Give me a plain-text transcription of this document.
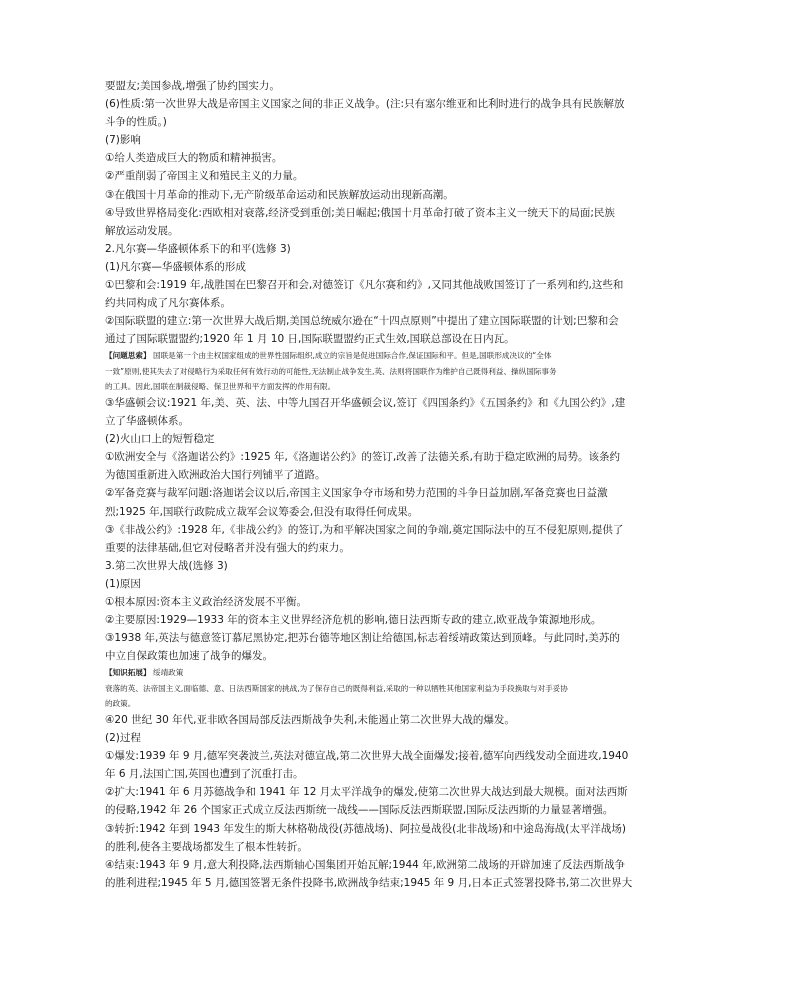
要盟友;美国参战,增强了协约国实力。
(6)性质:第一次世界大战是帝国主义国家之间的非正义战争。(注:只有塞尔维亚和比利时进行的战争具有民族解放
斗争的性质。)
(7)影响
①给人类造成巨大的物质和精神损害。
②严重削弱了帝国主义和殖民主义的力量。
③在俄国十月革命的推动下,无产阶级革命运动和民族解放运动出现新高潮。
④导致世界格局变化:西欧相对衰落,经济受到重创;美日崛起;俄国十月革命打破了资本主义一统天下的局面;民族
解放运动发展。
2.凡尔赛—华盛顿体系下的和平(选修 3)
(1)凡尔赛—华盛顿体系的形成
①巴黎和会:1919 年,战胜国在巴黎召开和会,对德签订《凡尔赛和约》,又同其他战败国签订了一系列和约,这些和
约共同构成了凡尔赛体系。
②国际联盟的建立:第一次世界大战后期,美国总统威尔逊在“十四点原则”中提出了建立国际联盟的计划;巴黎和会
通过了国际联盟盟约;1920 年 1 月 10 日,国际联盟盟约正式生效,国联总部设在日内瓦。
【问题思索】 国联是第一个由主权国家组成的世界性国际组织,成立的宗旨是促进国际合作,保证国际和平。但是,国联形成决议的“全体
一致”原则,使其失去了对侵略行为采取任何有效行动的可能性,无法制止战争发生,英、法则将国联作为维护自己既得利益、操纵国际事务
的工具。因此,国联在制裁侵略、保卫世界和平方面发挥的作用有限。
③华盛顿会议:1921 年,美、英、法、中等九国召开华盛顿会议,签订《四国条约》《五国条约》和《九国公约》,建
立了华盛顿体系。
(2)火山口上的短暂稳定
①欧洲安全与《洛迦诺公约》:1925 年,《洛迦诺公约》的签订,改善了法德关系,有助于稳定欧洲的局势。该条约
为德国重新进入欧洲政治大国行列铺平了道路。
②军备竞赛与裁军问题:洛迦诺会议以后,帝国主义国家争夺市场和势力范围的斗争日益加剧,军备竞赛也日益激
烈;1925 年,国联行政院成立裁军会议筹委会,但没有取得任何成果。
③《非战公约》:1928 年,《非战公约》的签订,为和平解决国家之间的争端,奠定国际法中的互不侵犯原则,提供了
重要的法律基础,但它对侵略者并没有强大的约束力。
3.第二次世界大战(选修 3)
(1)原因
①根本原因:资本主义政治经济发展不平衡。
②主要原因:1929—1933 年的资本主义世界经济危机的影响,德日法西斯专政的建立,欧亚战争策源地形成。
③1938 年,英法与德意签订慕尼黑协定,把苏台德等地区割让给德国,标志着绥靖政策达到顶峰。与此同时,美苏的
中立自保政策也加速了战争的爆发。
【知识拓展】 绥靖政策
衰落的英、法帝国主义,面临德、意、日法西斯国家的挑战,为了保存自己的既得利益,采取的一种以牺牲其他国家利益为手段换取与对手妥协
的政策。
④20 世纪 30 年代,亚非欧各国局部反法西斯战争失利,未能遏止第二次世界大战的爆发。
(2)过程
①爆发:1939 年 9 月,德军突袭波兰,英法对德宣战,第二次世界大战全面爆发;接着,德军向西线发动全面进攻,1940
年 6 月,法国亡国,英国也遭到了沉重打击。
②扩大:1941 年 6 月苏德战争和 1941 年 12 月太平洋战争的爆发,使第二次世界大战达到最大规模。面对法西斯
的侵略,1942 年 26 个国家正式成立反法西斯统一战线——国际反法西斯联盟,国际反法西斯的力量显著增强。
③转折:1942 年到 1943 年发生的斯大林格勒战役(苏德战场)、阿拉曼战役(北非战场)和中途岛海战(太平洋战场)
的胜利,使各主要战场都发生了根本性转折。
④结束:1943 年 9 月,意大利投降,法西斯轴心国集团开始瓦解;1944 年,欧洲第二战场的开辟加速了反法西斯战争
的胜利进程;1945 年 5 月,德国签署无条件投降书,欧洲战争结束;1945 年 9 月,日本正式签署投降书,第二次世界大
